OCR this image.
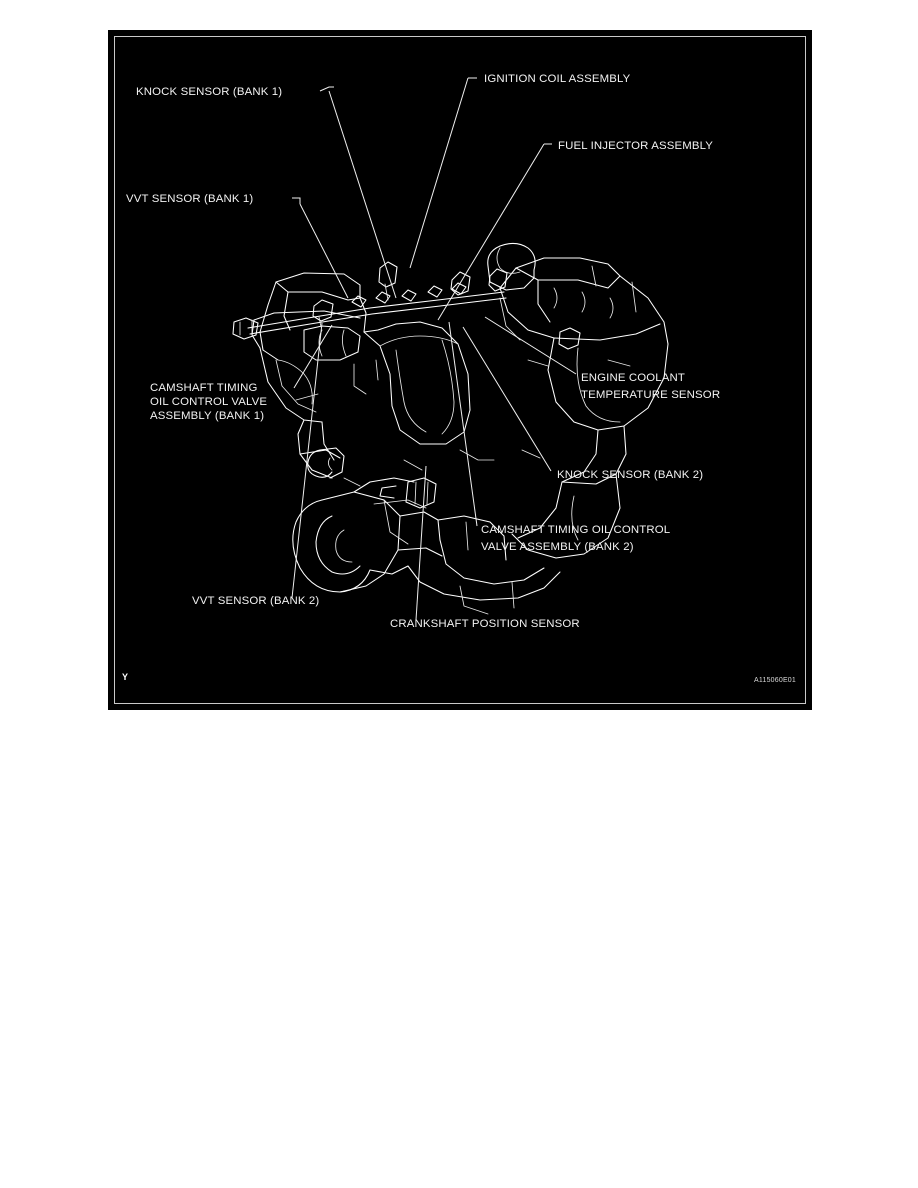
KNOCK SENSOR (BANK 1)
IGNITION COIL ASSEMBLY
FUEL INJECTOR ASSEMBLY
VVT SENSOR (BANK 1)
CAMSHAFT TIMING OIL CONTROL VALVE ASSEMBLY (BANK 1)
ENGINE COOLANT TEMPERATURE SENSOR
KNOCK SENSOR (BANK 2)
CAMSHAFT TIMING OIL CONTROL VALVE ASSEMBLY (BANK 2)
VVT SENSOR (BANK 2)
CRANKSHAFT POSITION SENSOR
Y	A115060E01
